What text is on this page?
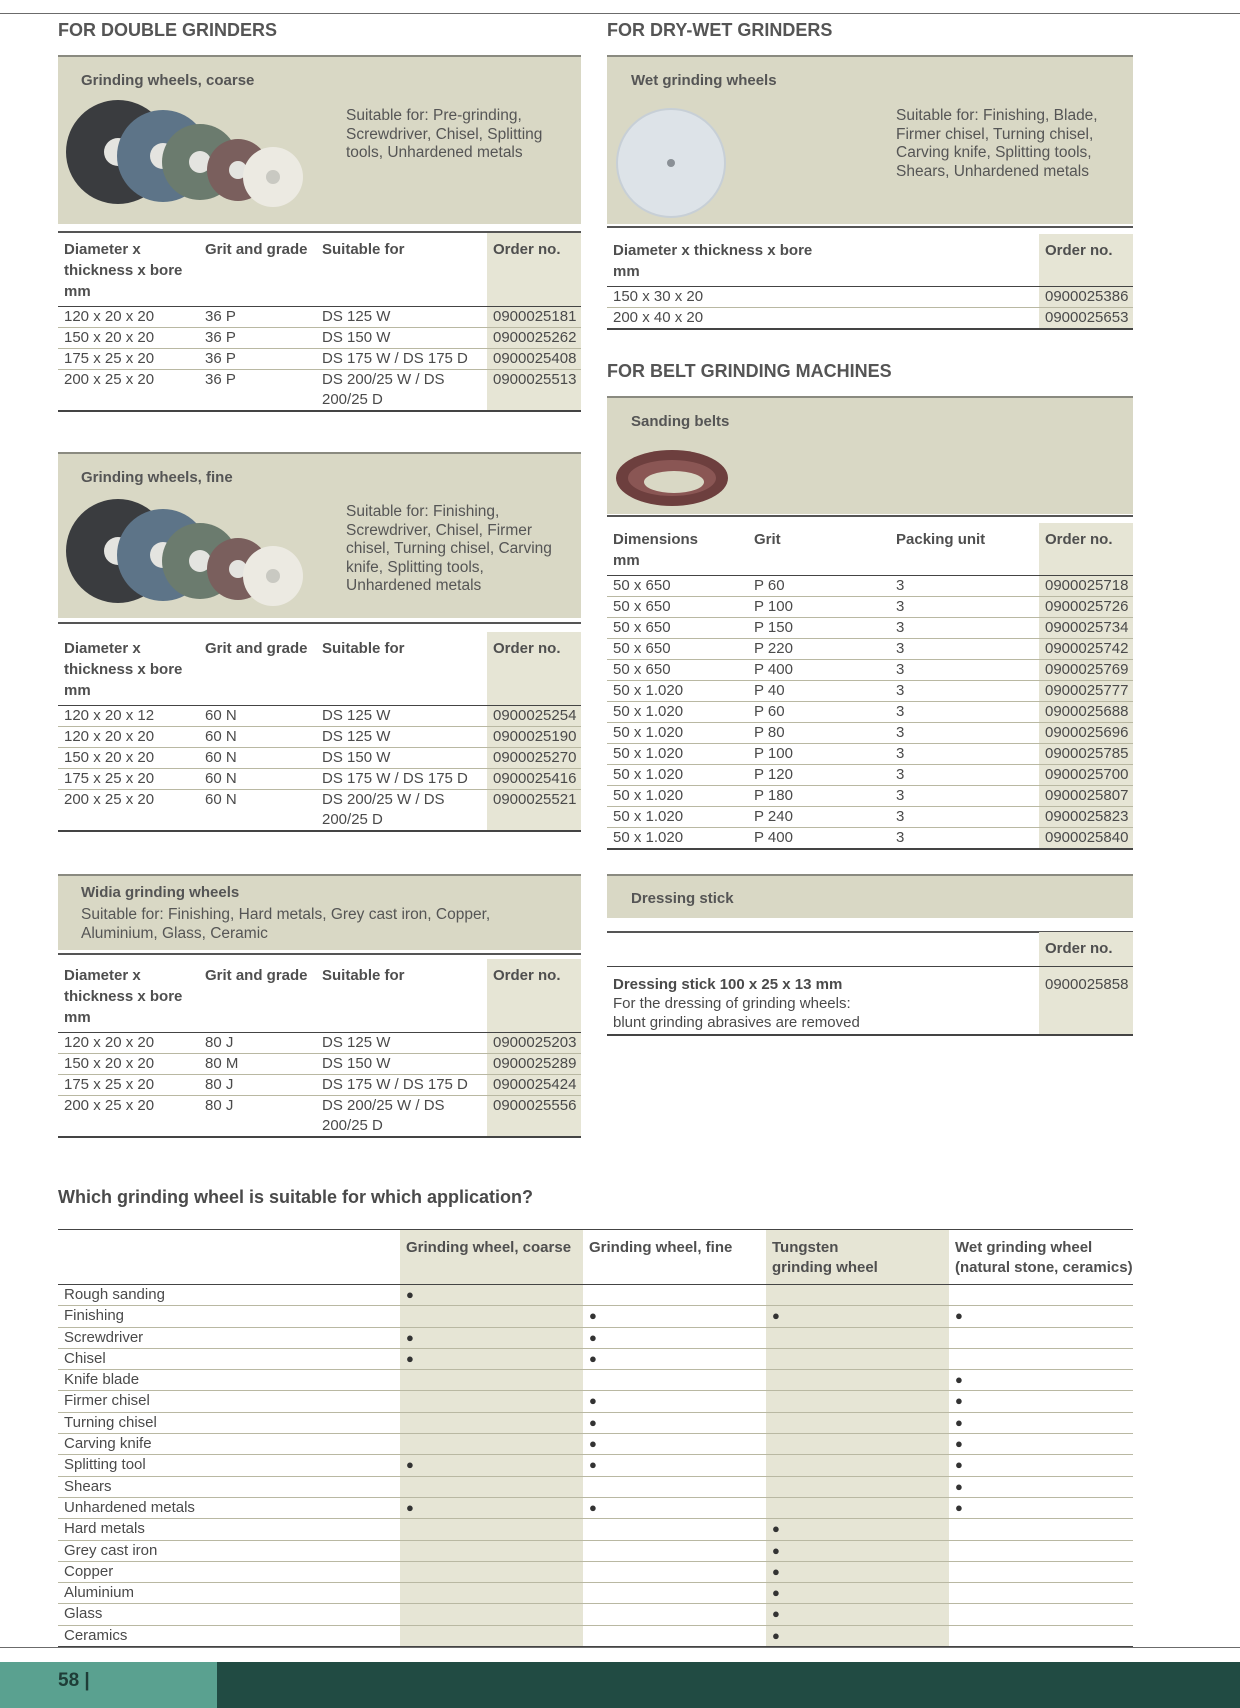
FOR DOUBLE GRINDERS
Grinding wheels, coarse
Suitable for: Pre-grinding, Screwdriver, Chisel, Splitting tools, Unhardened metals
Diameter x thickness x bore mm	Grit and grade	Suitable for	Order no.
120 x 20 x 20	36 P	DS 125 W	0900025181
150 x 20 x 20	36 P	DS 150 W	0900025262
175 x 25 x 20	36 P	DS 175 W / DS 175 D	0900025408
200 x 25 x 20	36 P	DS 200/25 W / DS 200/25 D	0900025513
Grinding wheels, fine
Suitable for: Finishing, Screwdriver, Chisel, Firmer chisel, Turning chisel, Carving knife, Splitting tools, Unhardened metals
Diameter x thickness x bore mm	Grit and grade	Suitable for	Order no.
120 x 20 x 12	60 N	DS 125 W	0900025254
120 x 20 x 20	60 N	DS 125 W	0900025190
150 x 20 x 20	60 N	DS 150 W	0900025270
175 x 25 x 20	60 N	DS 175 W / DS 175 D	0900025416
200 x 25 x 20	60 N	DS 200/25 W / DS 200/25 D	0900025521
Widia grinding wheels
Suitable for: Finishing, Hard metals, Grey cast iron, Copper, Aluminium, Glass, Ceramic
Diameter x thickness x bore mm	Grit and grade	Suitable for	Order no.
120 x 20 x 20	80 J	DS 125 W	0900025203
150 x 20 x 20	80 M	DS 150 W	0900025289
175 x 25 x 20	80 J	DS 175 W / DS 175 D	0900025424
200 x 25 x 20	80 J	DS 200/25 W / DS 200/25 D	0900025556
FOR DRY-WET GRINDERS
Wet grinding wheels
Suitable for: Finishing, Blade, Firmer chisel, Turning chisel, Carving knife, Splitting tools, Shears, Unhardened metals
Diameter x thickness x bore mm	Order no.
150 x 30 x 20	0900025386
200 x 40 x 20	0900025653
FOR BELT GRINDING MACHINES
Sanding belts
Dimensions mm	Grit	Packing unit	Order no.
50 x 650	P 60	3	0900025718
50 x 650	P 100	3	0900025726
50 x 650	P 150	3	0900025734
50 x 650	P 220	3	0900025742
50 x 650	P 400	3	0900025769
50 x 1.020	P 40	3	0900025777
50 x 1.020	P 60	3	0900025688
50 x 1.020	P 80	3	0900025696
50 x 1.020	P 100	3	0900025785
50 x 1.020	P 120	3	0900025700
50 x 1.020	P 180	3	0900025807
50 x 1.020	P 240	3	0900025823
50 x 1.020	P 400	3	0900025840
Dressing stick
	Order no.

Dressing stick 100 x 25 x 13 mm
For the dressing of grinding wheels: blunt grinding abrasives are removed	0900025858
Which grinding wheel is suitable for which application?
	Grinding wheel, coarse	Grinding wheel, fine	Tungsten grinding wheel	Wet grinding wheel (natural stone, ceramics)
Rough sanding	●			
Finishing		●	●	●
Screwdriver	●	●		
Chisel	●	●		
Knife blade				●
Firmer chisel		●		●
Turning chisel		●		●
Carving knife		●		●
Splitting tool	●	●		●
Shears				●
Unhardened metals	●	●		●
Hard metals			●	
Grey cast iron			●	
Copper			●	
Aluminium			●	
Glass			●	
Ceramics			●	
58 |
